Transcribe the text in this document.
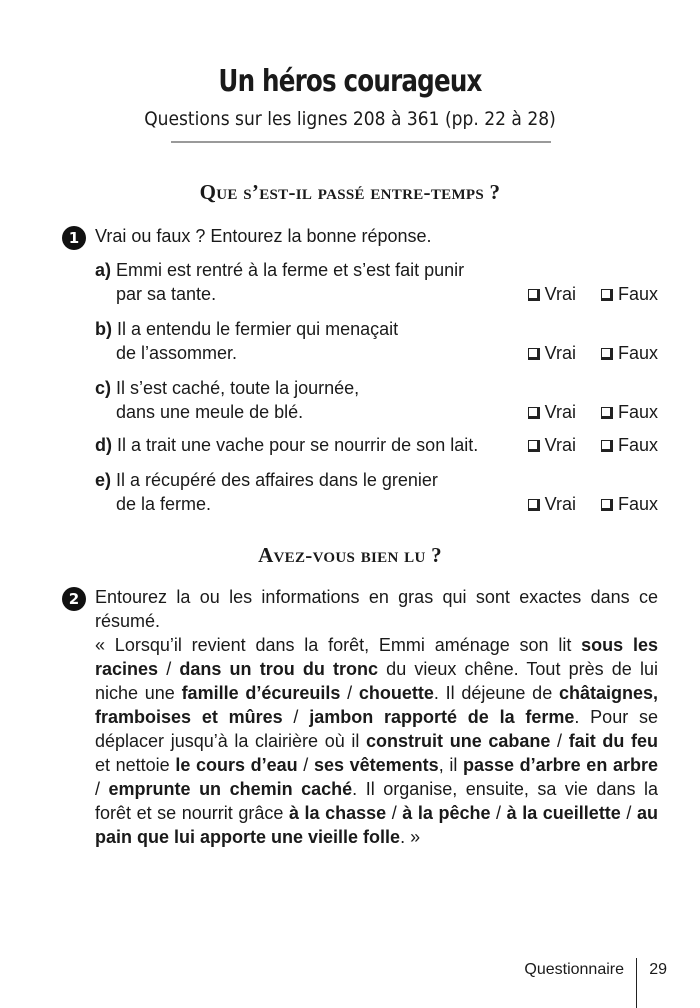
Un héros courageux
Questions sur les lignes 208 à 361 (pp. 22 à 28)
Que s’est-il passé entre-temps ?
1 Vrai ou faux ? Entourez la bonne réponse.
a) Emmi est rentré à la ferme et s’est fait punir
par sa tante.	Vrai Faux
b) Il a entendu le fermier qui menaçait
de l’assommer.	Vrai Faux
c) Il s’est caché, toute la journée,
dans une meule de blé.	Vrai Faux
d) Il a trait une vache pour se nourrir de son lait.	Vrai Faux
e) Il a récupéré des affaires dans le grenier
de la ferme.	Vrai Faux
Avez-vous bien lu ?
2 Entourez la ou les informations en gras qui sont exactes dans ce résumé.
« Lorsqu’il revient dans la forêt, Emmi aménage son lit sous les racines / dans un trou du tronc du vieux chêne. Tout près de lui niche une famille d’écureuils / chouette. Il déjeune de châtaignes, framboises et mûres / jambon rapporté de la ferme. Pour se déplacer jusqu’à la clairière où il construit une cabane / fait du feu et nettoie le cours d’eau / ses vêtements, il passe d’arbre en arbre / emprunte un chemin caché. Il organise, ensuite, sa vie dans la forêt et se nourrit grâce à la chasse / à la pêche / à la cueillette / au pain que lui apporte une vieille folle. »
Questionnaire 29
